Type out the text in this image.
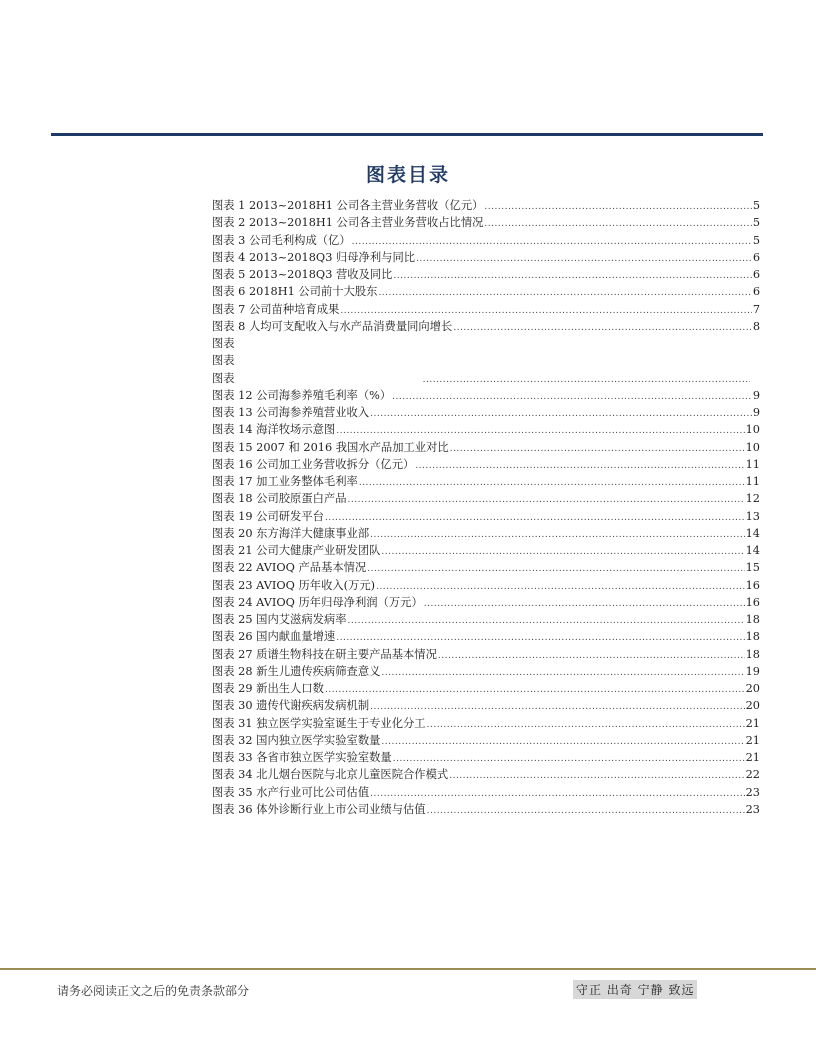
图表目录
图表 1 2013~2018H1 公司各主营业务营收（亿元） .....	5
图表 2 2013~2018H1 公司各主营业务营收占比情况 .....	5
图表 3 公司毛利构成（亿） .....	5
图表 4 2013~2018Q3 归母净利与同比 .....	6
图表 5 2013~2018Q3 营收及同比 .....	6
图表 6 2018H1 公司前十大股东 .....	6
图表 7 公司苗种培育成果 .....	7
图表 8 人均可支配收入与水产品消费量同向增长 .....	8
图表
图表
图表
.....
图表 12 公司海参养殖毛利率（%） .....	9
图表 13 公司海参养殖营业收入 .....	9
图表 14 海洋牧场示意图 .....	10
图表 15 2007 和 2016 我国水产品加工业对比 .....	10
图表 16 公司加工业务营收拆分（亿元） .....	11
图表 17 加工业务整体毛利率 .....	11
图表 18 公司胶原蛋白产品 .....	12
图表 19 公司研发平台 .....	13
图表 20 东方海洋大健康事业部 .....	14
图表 21 公司大健康产业研发团队 .....	14
图表 22 AVIOQ 产品基本情况 .....	15
图表 23 AVIOQ 历年收入(万元) .....	16
图表 24 AVIOQ 历年归母净利润（万元） .....	16
图表 25 国内艾滋病发病率 .....	18
图表 26 国内献血量增速 .....	18
图表 27 质谱生物科技在研主要产品基本情况 .....	18
图表 28 新生儿遗传疾病筛查意义 .....	19
图表 29 新出生人口数 .....	20
图表 30 遗传代谢疾病发病机制 .....	20
图表 31 独立医学实验室诞生于专业化分工 .....	21
图表 32 国内独立医学实验室数量 .....	21
图表 33 各省市独立医学实验室数量 .....	21
图表 34 北儿烟台医院与北京儿童医院合作模式 .....	22
图表 35 水产行业可比公司估值 .....	23
图表 36 体外诊断行业上市公司业绩与估值 .....	23
请务必阅读正文之后的免责条款部分	守正 出奇 宁静 致远
